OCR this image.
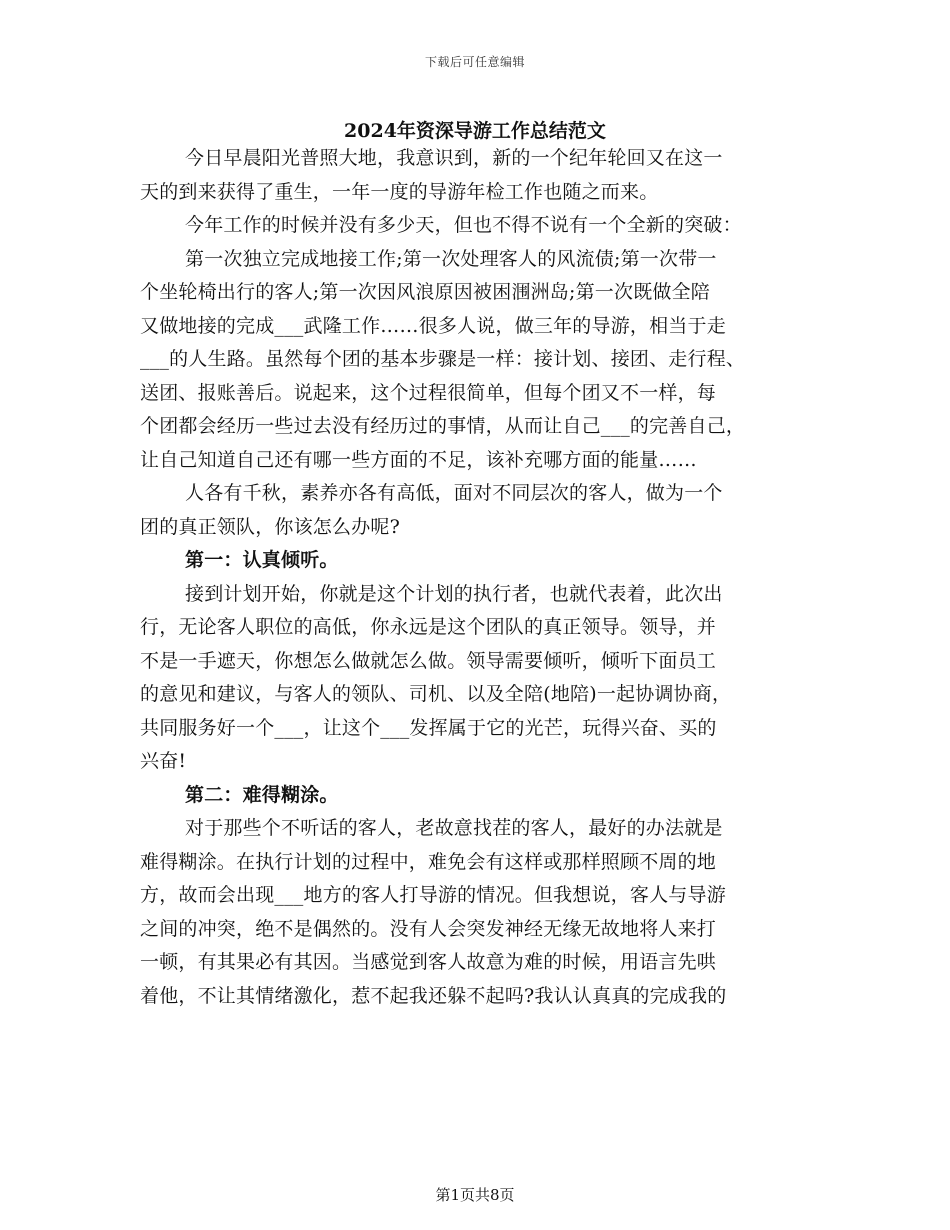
下载后可任意编辑
2024年资深导游工作总结范文
今日早晨阳光普照大地，我意识到，新的一个纪年轮回又在这一
天的到来获得了重生，一年一度的导游年检工作也随之而来。
今年工作的时候并没有多少天，但也不得不说有一个全新的突破：
第一次独立完成地接工作;第一次处理客人的风流债;第一次带一
个坐轮椅出行的客人;第一次因风浪原因被困涠洲岛;第一次既做全陪
又做地接的完成___武隆工作……很多人说，做三年的导游，相当于走
___的人生路。虽然每个团的基本步骤是一样：接计划、接团、走行程、
送团、报账善后。说起来，这个过程很简单，但每个团又不一样，每
个团都会经历一些过去没有经历过的事情，从而让自己___的完善自己，
让自己知道自己还有哪一些方面的不足，该补充哪方面的能量……
人各有千秋，素养亦各有高低，面对不同层次的客人，做为一个
团的真正领队，你该怎么办呢?
第一：认真倾听。
接到计划开始，你就是这个计划的执行者，也就代表着，此次出
行，无论客人职位的高低，你永远是这个团队的真正领导。领导，并
不是一手遮天，你想怎么做就怎么做。领导需要倾听，倾听下面员工
的意见和建议，与客人的领队、司机、以及全陪(地陪)一起协调协商，
共同服务好一个___，让这个___发挥属于它的光芒，玩得兴奋、买的
兴奋!
第二：难得糊涂。
对于那些个不听话的客人，老故意找茬的客人，最好的办法就是
难得糊涂。在执行计划的过程中，难免会有这样或那样照顾不周的地
方，故而会出现___地方的客人打导游的情况。但我想说，客人与导游
之间的冲突，绝不是偶然的。没有人会突发神经无缘无故地将人来打
一顿，有其果必有其因。当感觉到客人故意为难的时候，用语言先哄
着他，不让其情绪激化，惹不起我还躲不起吗?我认认真真的完成我的
第1页共8页
